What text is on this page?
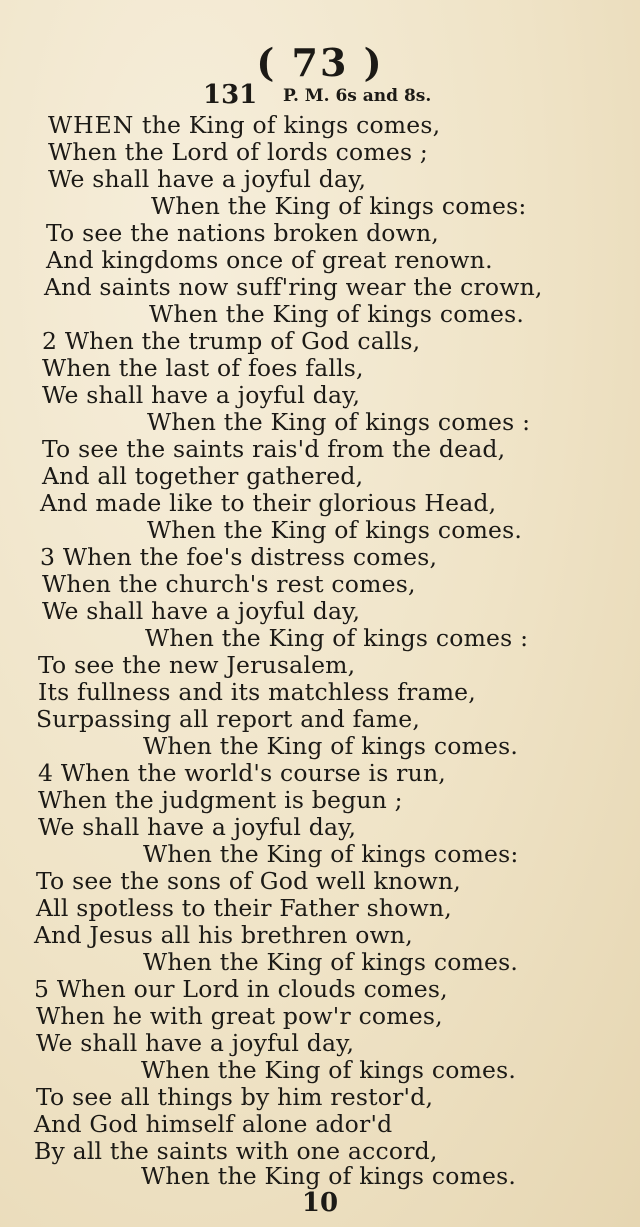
( 73 )
131 P. M. 6s and 8s.
WHEN the King of kings comes,
When the Lord of lords comes ;
We shall have a joyful day,
When the King of kings comes:
To see the nations broken down,
And kingdoms once of great renown.
And saints now suff'ring wear the crown,
When the King of kings comes.
2 When the trump of God calls,
When the last of foes falls,
We shall have a joyful day,
When the King of kings comes :
To see the saints rais'd from the dead,
And all together gathered,
And made like to their glorious Head,
When the King of kings comes.
3 When the foe's distress comes,
When the church's rest comes,
We shall have a joyful day,
When the King of kings comes :
To see the new Jerusalem,
Its fullness and its matchless frame,
Surpassing all report and fame,
When the King of kings comes.
4 When the world's course is run,
When the judgment is begun ;
We shall have a joyful day,
When the King of kings comes:
To see the sons of God well known,
All spotless to their Father shown,
And Jesus all his brethren own,
When the King of kings comes.
5 When our Lord in clouds comes,
When he with great pow'r comes,
We shall have a joyful day,
When the King of kings comes.
To see all things by him restor'd,
And God himself alone ador'd
By all the saints with one accord,
When the King of kings comes.
10
